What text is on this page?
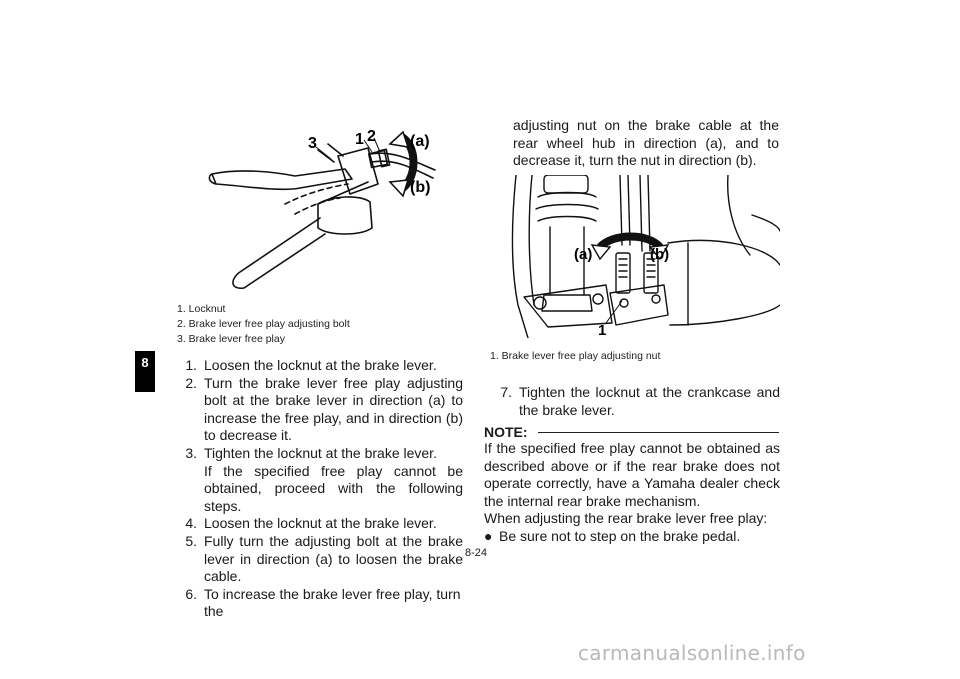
8
3 1 2 (a)
(b)
1. Locknut
2. Brake lever free play adjusting bolt
3. Brake lever free play
1. Loosen the locknut at the brake lever.
2. Turn the brake lever free play adjusting bolt at the brake lever in direction (a) to increase the free play, and in direction (b) to decrease it.
3. Tighten the locknut at the brake lever.
If the specified free play cannot be obtained, proceed with the following steps.
4. Loosen the locknut at the brake lever.
5. Fully turn the adjusting bolt at the brake lever in direction (a) to loosen the brake cable.
6. To increase the brake lever free play, turn the
adjusting nut on the brake cable at the rear wheel hub in direction (a), and to decrease it, turn the nut in direction (b).
(a)	(b)
1
1. Brake lever free play adjusting nut
7. Tighten the locknut at the crankcase and the brake lever.
NOTE:
If the specified free play cannot be obtained as described above or if the rear brake does not operate correctly, have a Yamaha dealer check the internal rear brake mechanism.
When adjusting the rear brake lever free play:
● Be sure not to step on the brake pedal.
8-24
carmanualsonline.info
